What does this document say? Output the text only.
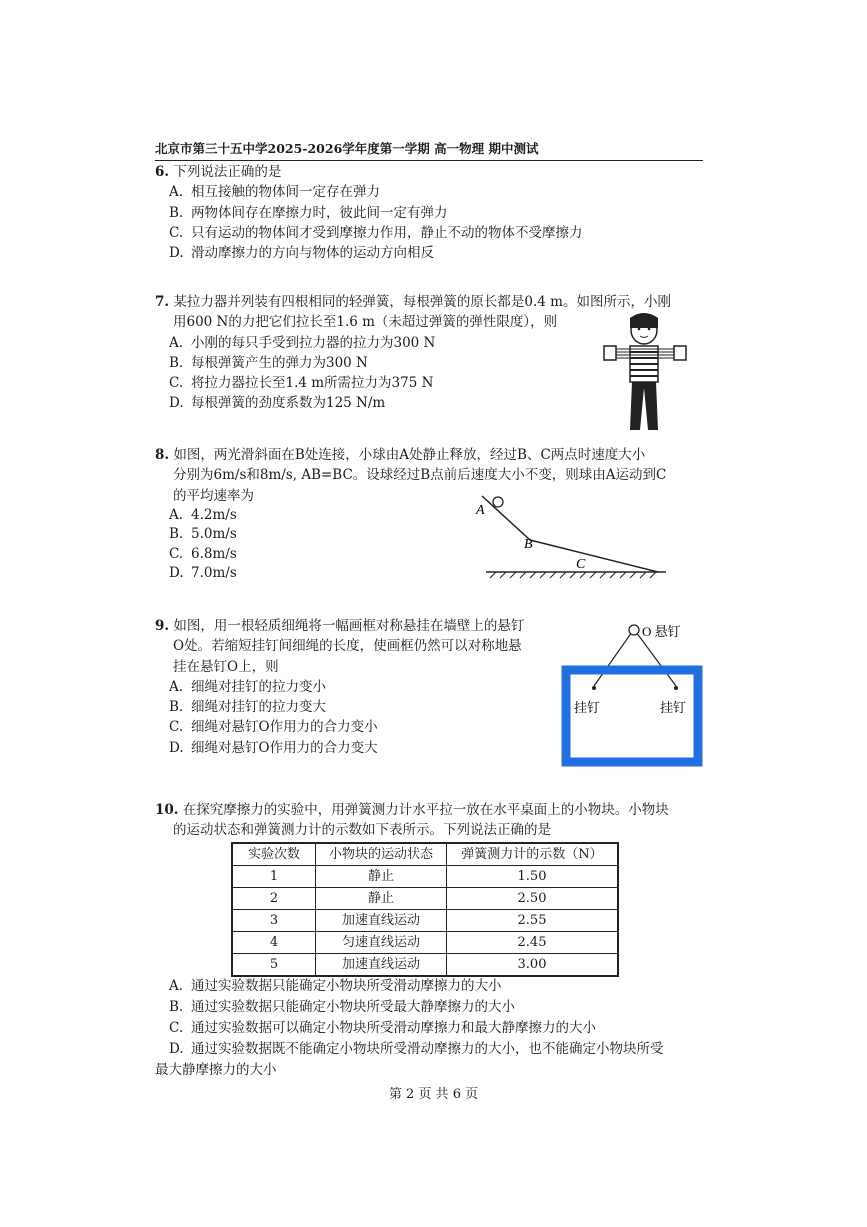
北京市第三十五中学2025-2026学年度第一学期 高一物理 期中测试

6. 下列说法正确的是

A. 相互接触的物体间一定存在弹力

B. 两物体间存在摩擦力时，彼此间一定有弹力

C. 只有运动的物体间才受到摩擦力作用，静止不动的物体不受摩擦力

D. 滑动摩擦力的方向与物体的运动方向相反

7. 某拉力器并列装有四根相同的轻弹簧，每根弹簧的原长都是0.4 m。如图所示，小刚

用600 N的力把它们拉长至1.6 m（未超过弹簧的弹性限度），则

A. 小刚的每只手受到拉力器的拉力为300 N

B. 每根弹簧产生的弹力为300 N

C. 将拉力器拉长至1.4 m所需拉力为375 N

D. 每根弹簧的劲度系数为125 N/m

8. 如图，两光滑斜面在B处连接，小球由A处静止释放，经过B、C两点时速度大小

分别为6m/s和8m/s, AB=BC。设球经过B点前后速度大小不变，则球由A运动到C

的平均速率为

A. 4.2m/s

B. 5.0m/s

C. 6.8m/s

D. 7.0m/s

A
B
C

9. 如图，用一根轻质细绳将一幅画框对称悬挂在墙壁上的悬钉

O处。若缩短挂钉间细绳的长度，使画框仍然可以对称地悬

挂在悬钉O上，则

A. 细绳对挂钉的拉力变小

B. 细绳对挂钉的拉力变大

C. 细绳对悬钉O作用力的合力变小

D. 细绳对悬钉O作用力的合力变大

O 悬钉
挂钉	挂钉

10. 在探究摩擦力的实验中，用弹簧测力计水平拉一放在水平桌面上的小物块。小物块

的运动状态和弹簧测力计的示数如下表所示。下列说法正确的是

实验次数	小物块的运动状态	弹簧测力计的示数（N）
1	静止	1.50
2	静止	2.50
3	加速直线运动	2.55
4	匀速直线运动	2.45
5	加速直线运动	3.00

A. 通过实验数据只能确定小物块所受滑动摩擦力的大小

B. 通过实验数据只能确定小物块所受最大静摩擦力的大小

C. 通过实验数据可以确定小物块所受滑动摩擦力和最大静摩擦力的大小

D. 通过实验数据既不能确定小物块所受滑动摩擦力的大小，也不能确定小物块所受

最大静摩擦力的大小

第 2 页 共 6 页
